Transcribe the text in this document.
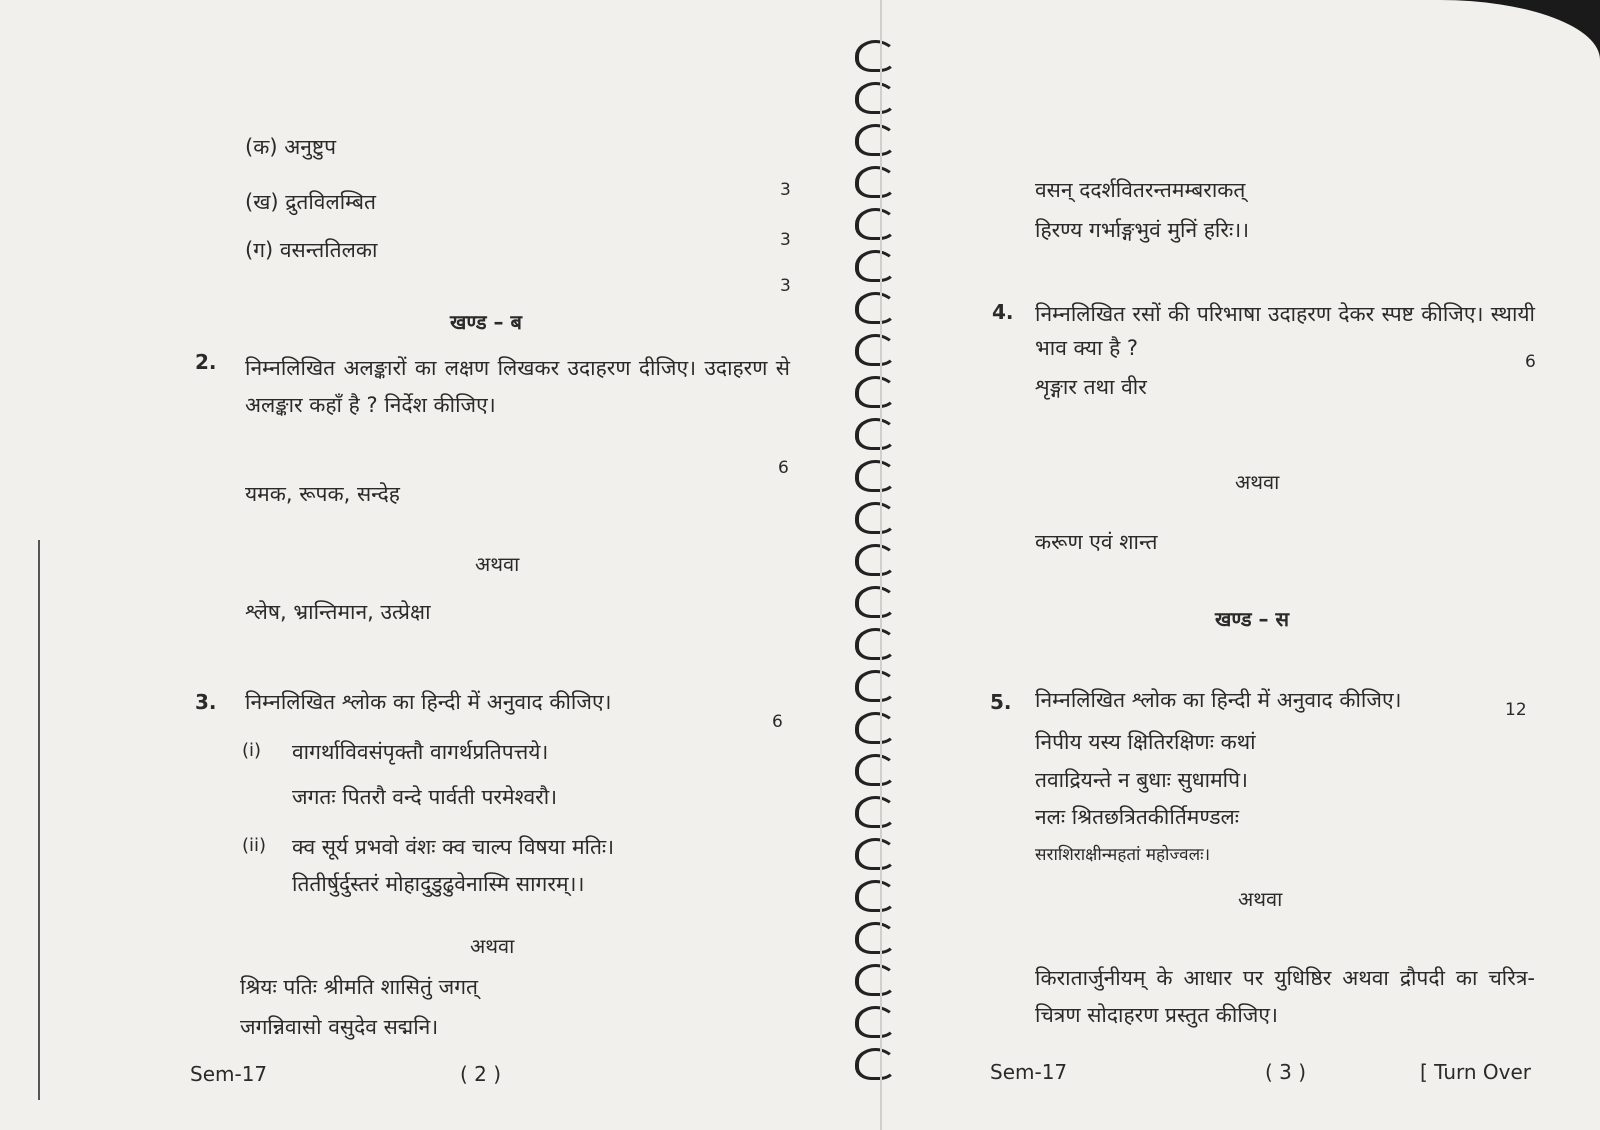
(क) अनुष्टुप
(ख) द्रुतविलम्बित
(ग) वसन्ततिलका
3
3
3
खण्ड – ब
2. निम्नलिखित अलङ्कारों का लक्षण लिखकर उदाहरण दीजिए। उदाहरण से अलङ्कार कहाँ है ? निर्देश कीजिए।
6
यमक, रूपक, सन्देह
अथवा
श्लेष, भ्रान्तिमान, उत्प्रेक्षा
3. निम्नलिखित श्लोक का हिन्दी में अनुवाद कीजिए।
6
(i) वागर्थाविवसंपृक्तौ वागर्थप्रतिपत्तये।
जगतः पितरौ वन्दे पार्वती परमेश्वरौ।
(ii) क्व सूर्य प्रभवो वंशः क्व चाल्प विषया मतिः।
तितीर्षुर्दुस्तरं मोहादुडुढुवेनास्मि सागरम्।।
अथवा
श्रियः पतिः श्रीमति शासितुं जगत्
जगन्निवासो वसुदेव सद्मनि।
Sem-17	( 2 )
वसन् ददर्शवितरन्तमम्बराकत्
हिरण्य गर्भाङ्गभुवं मुनिं हरिः।।
4. निम्नलिखित रसों की परिभाषा उदाहरण देकर स्पष्ट कीजिए। स्थायी भाव क्या है ?
6
शृङ्गार तथा वीर
अथवा
करूण एवं शान्त
खण्ड – स
5. निम्नलिखित श्लोक का हिन्दी में अनुवाद कीजिए।	12
निपीय यस्य क्षितिरक्षिणः कथां
तवाद्रियन्ते न बुधाः सुधामपि।
नलः श्रितछत्रितकीर्तिमण्डलः
सराशिराक्षीन्महतां महोज्वलः।
अथवा
किरातार्जुनीयम् के आधार पर युधिष्ठिर अथवा द्रौपदी का चरित्र-चित्रण सोदाहरण प्रस्तुत कीजिए।
Sem-17	( 3 )	[ Turn Over
